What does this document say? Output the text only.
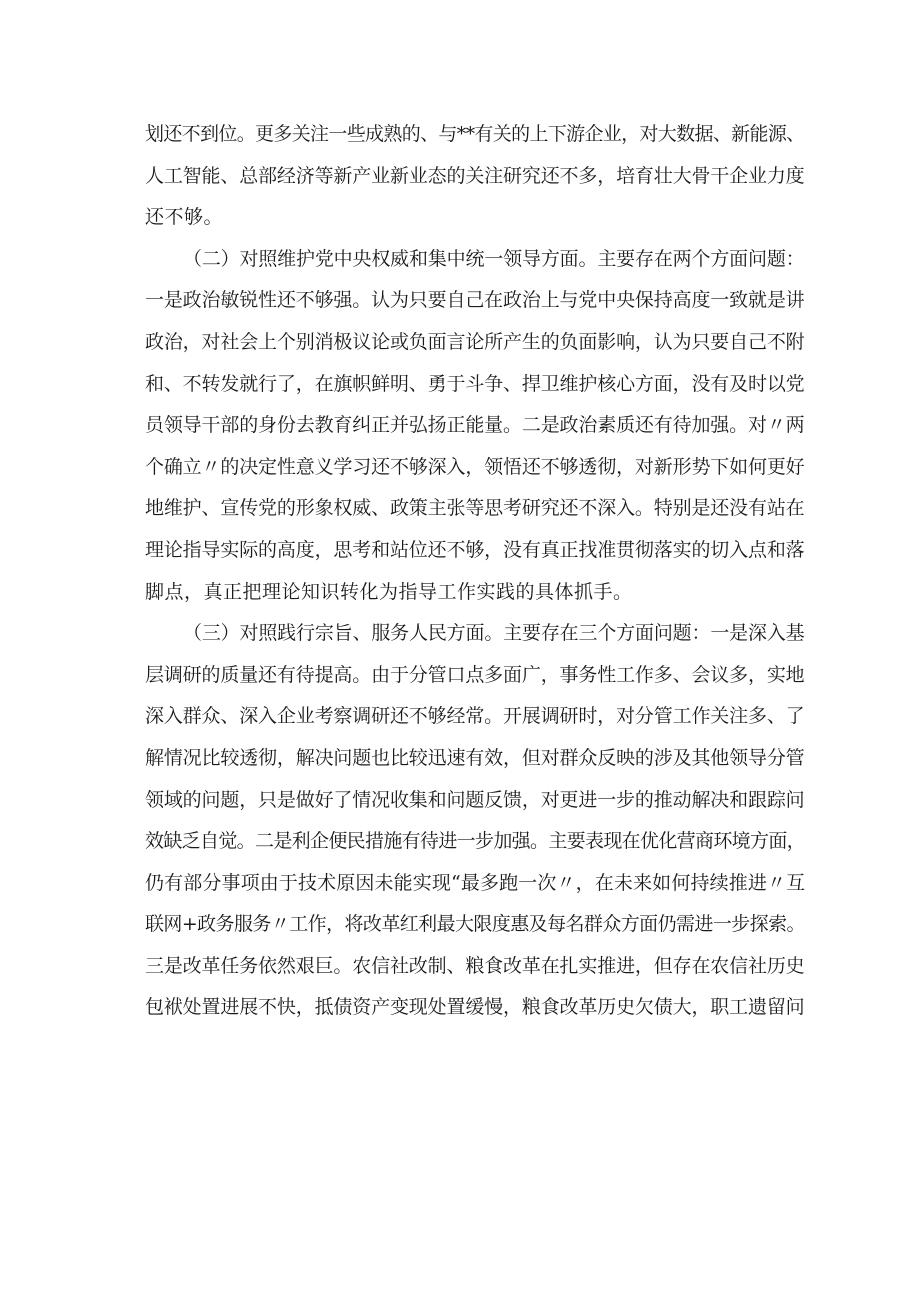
划还不到位。更多关注一些成熟的、与**有关的上下游企业，对大数据、新能源、
人工智能、总部经济等新产业新业态的关注研究还不多，培育壮大骨干企业力度
还不够。
（二）对照维护党中央权威和集中统一领导方面。主要存在两个方面问题：
一是政治敏锐性还不够强。认为只要自己在政治上与党中央保持高度一致就是讲
政治，对社会上个别消极议论或负面言论所产生的负面影响，认为只要自己不附
和、不转发就行了，在旗帜鲜明、勇于斗争、捍卫维护核心方面，没有及时以党
员领导干部的身份去教育纠正并弘扬正能量。二是政治素质还有待加强。对〃两
个确立〃的决定性意义学习还不够深入，领悟还不够透彻，对新形势下如何更好
地维护、宣传党的形象权威、政策主张等思考研究还不深入。特别是还没有站在
理论指导实际的高度，思考和站位还不够，没有真正找准贯彻落实的切入点和落
脚点，真正把理论知识转化为指导工作实践的具体抓手。
（三）对照践行宗旨、服务人民方面。主要存在三个方面问题：一是深入基
层调研的质量还有待提高。由于分管口点多面广，事务性工作多、会议多，实地
深入群众、深入企业考察调研还不够经常。开展调研时，对分管工作关注多、了
解情况比较透彻，解决问题也比较迅速有效，但对群众反映的涉及其他领导分管
领域的问题，只是做好了情况收集和问题反馈，对更进一步的推动解决和跟踪问
效缺乏自觉。二是利企便民措施有待进一步加强。主要表现在优化营商环境方面，
仍有部分事项由于技术原因未能实现“最多跑一次〃，在未来如何持续推进〃互
联网+政务服务〃工作，将改革红利最大限度惠及每名群众方面仍需进一步探索。
三是改革任务依然艰巨。农信社改制、粮食改革在扎实推进，但存在农信社历史
包袱处置进展不快，抵债资产变现处置缓慢，粮食改革历史欠债大，职工遗留问
